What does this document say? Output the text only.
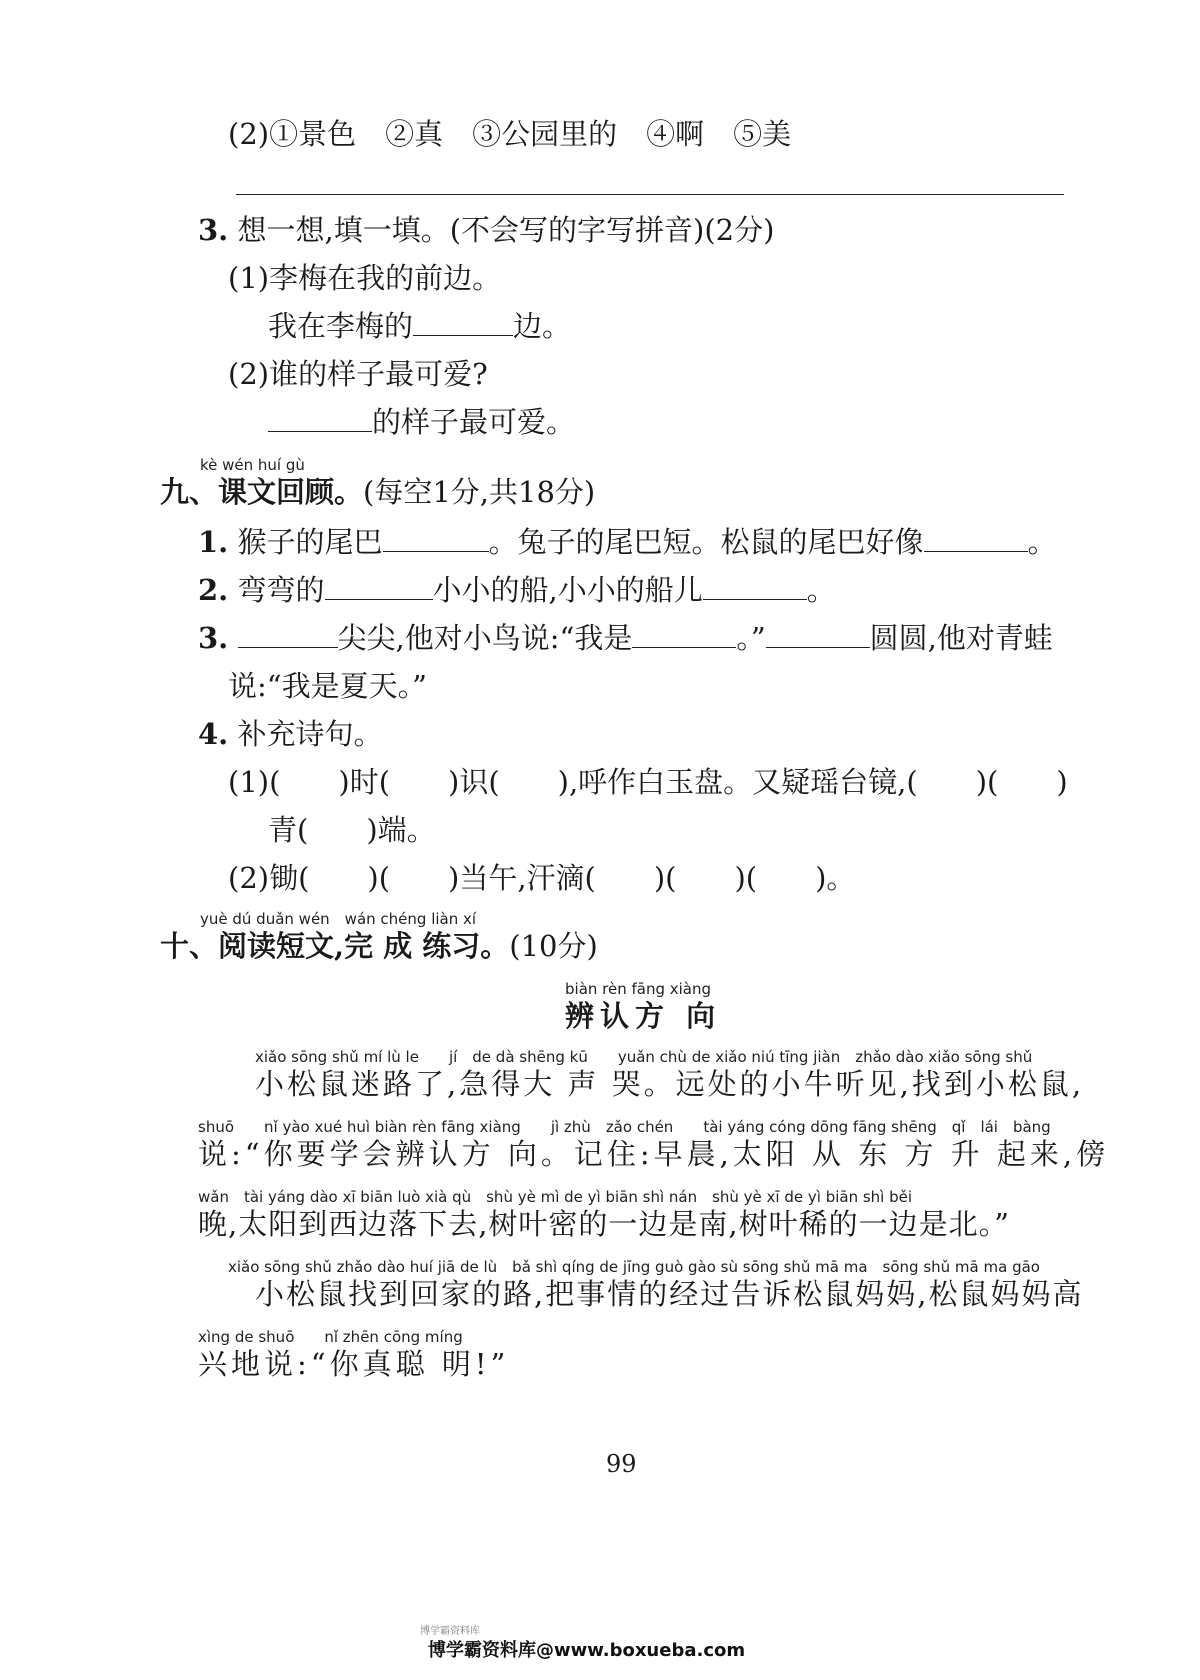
(2)①景色　②真　③公园里的　④啊　⑤美
3. 想一想,填一填。(不会写的字写拼音)(2分)
(1)李梅在我的前边。
我在李梅的	边。
(2)谁的样子最可爱?
的样子最可爱。
kè wén huí gù
九、课文回顾。(每空1分,共18分)
1. 猴子的尾巴	。兔子的尾巴短。松鼠的尾巴好像	。
2. 弯弯的	小小的船,小小的船儿	。
3.	尖尖,他对小鸟说:“我是	。”	圆圆,他对青蛙
说:“我是夏天。”
4. 补充诗句。
(1)(　　)时(　　)识(　　),呼作白玉盘。又疑瑶台镜,(　　)(　　)
青(　　)端。
(2)锄(　　)(　　)当午,汗滴(　　)(　　)(　　)。
yuè dú duǎn wén　wán chéng liàn xí
十、阅读短文,完 成 练习。(10分)
biàn rèn fāng xiàng
辨认方 向
xiǎo sōng shǔ mí lù le　　jí　de dà shēng kū　　yuǎn chù de xiǎo niú tīng jiàn　zhǎo dào xiǎo sōng shǔ
小松鼠迷路了,急得大 声 哭。远处的小牛听见,找到小松鼠,
shuō　　nǐ yào xué huì biàn rèn fāng xiàng　　jì zhù　zǎo chén　　tài yáng cóng dōng fāng shēng　qǐ　lái　bàng
说:“你要学会辨认方 向。记住:早晨,太阳 从 东 方 升 起来,傍
wǎn　tài yáng dào xī biān luò xià qù　shù yè mì de yì biān shì nán　shù yè xī de yì biān shì běi
晚,太阳到西边落下去,树叶密的一边是南,树叶稀的一边是北。”
xiǎo sōng shǔ zhǎo dào huí jiā de lù　bǎ shì qíng de jīng guò gào sù sōng shǔ mā ma　sōng shǔ mā ma gāo
小松鼠找到回家的路,把事情的经过告诉松鼠妈妈,松鼠妈妈高
xìng de shuō　　nǐ zhēn cōng míng
兴地说:“你真聪 明!”
99
博学霸资料库
博学霸资料库@www.boxueba.com
